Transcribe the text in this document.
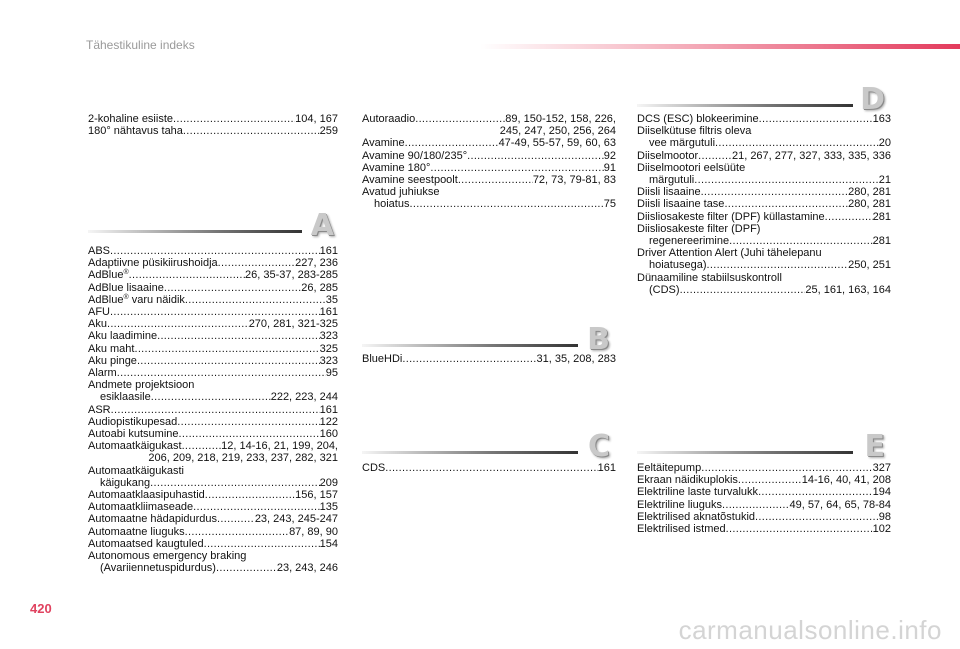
Tähestikuline indeks
2-kohaline esiiste .....	104, 167
180° nähtavus taha .....	259
A
ABS .....	161
Adaptiivne püsikiirushoidja .....	227, 236
AdBlue® .....	26, 35-37, 283-285
AdBlue lisaaine .....	26, 285
AdBlue® varu näidik .....	35
AFU .....	161
Aku .....	270, 281, 321-325
Aku laadimine .....	323
Aku maht .....	325
Aku pinge .....	323
Alarm .....	95
Andmete projektsioon
esiklaasile .....	222, 223, 244
ASR .....	161
Audiopistikupesad .....	122
Autoabi kutsumine .....	160
Automaatkäigukast .....	12, 14-16, 21, 199, 204,
206, 209, 218, 219, 233, 237, 282, 321
Automaatkäigukasti
käigukang .....	209
Automaatklaasipuhastid .....	156, 157
Automaatkliimaseade .....	135
Automaatne hädapidurdus .....	23, 243, 245-247
Automaatne liuguks .....	87, 89, 90
Automaatsed kaugtuled .....	154
Autonomous emergency braking
(Avariiennetuspidurdus) .....	23, 243, 246
Autoraadio .....	89, 150-152, 158, 226,
245, 247, 250, 256, 264
Avamine .....	47-49, 55-57, 59, 60, 63
Avamine 90/180/235° .....	92
Avamine 180° .....	91
Avamine seestpoolt .....	72, 73, 79-81, 83
Avatud juhiukse
hoiatus .....	75
B
BlueHDi .....	31, 35, 208, 283
C
CDS .....	161
D
DCS (ESC) blokeerimine .....	163
Diiselkütuse filtris oleva
vee märgutuli .....	20
Diiselmootor .....	21, 267, 277, 327, 333, 335, 336
Diiselmootori eelsüüte
märgutuli .....	21
Diisli lisaaine .....	280, 281
Diisli lisaaine tase .....	280, 281
Diisliosakeste filter (DPF) küllastamine .....	281
Diisliosakeste filter (DPF)
regenereerimine .....	281
Driver Attention Alert (Juhi tähelepanu
hoiatusega) .....	250, 251
Dünaamiline stabiilsuskontroll
(CDS) .....	25, 161, 163, 164
E
Eeltäitepump .....	327
Ekraan näidikuplokis .....	14-16, 40, 41, 208
Elektriline laste turvalukk .....	194
Elektriline liuguks .....	49, 57, 64, 65, 78-84
Elektrilised aknatõstukid .....	98
Elektrilised istmed .....	102
420
carmanualsonline.info
